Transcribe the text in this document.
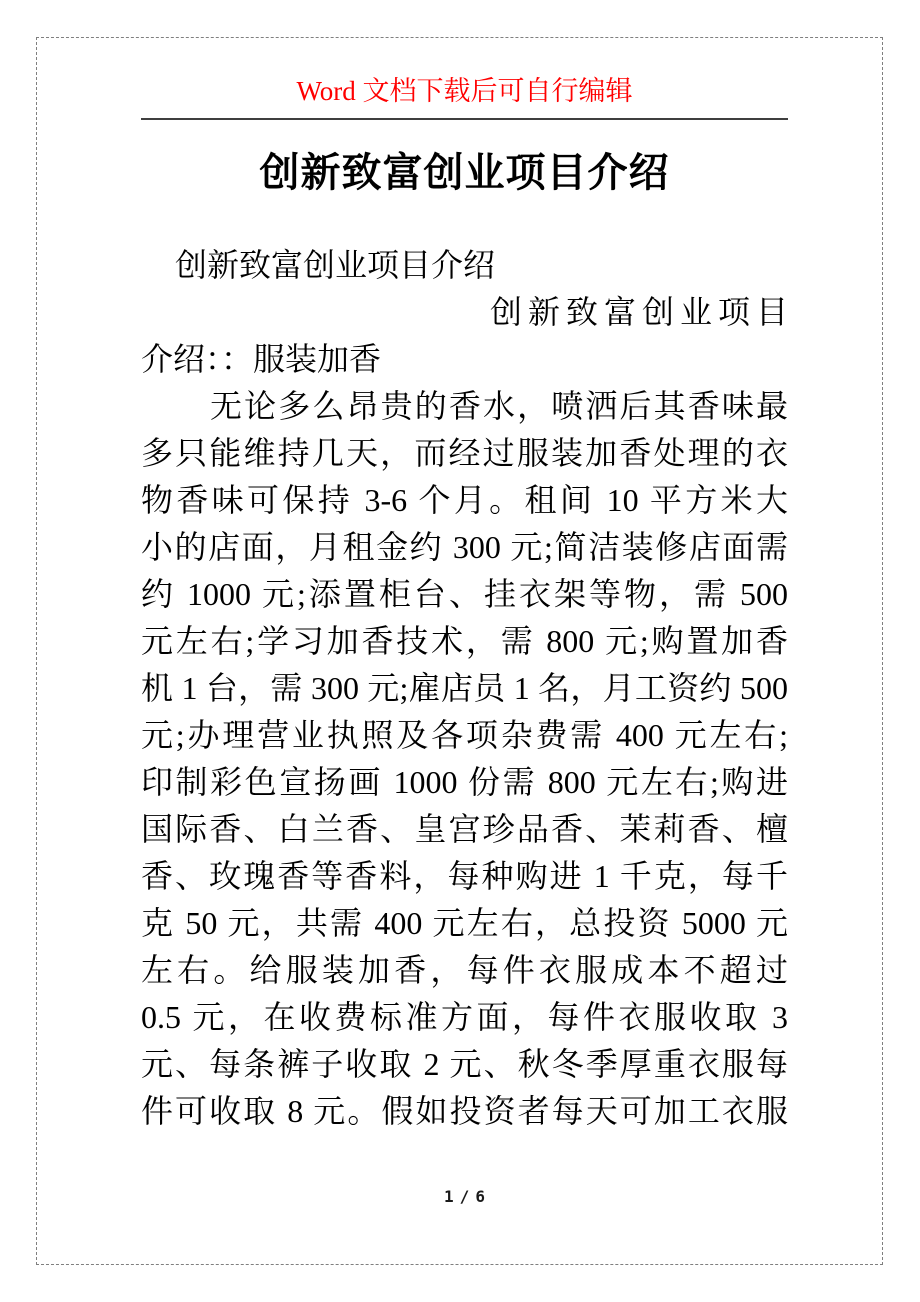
Word 文档下载后可自行编辑
创新致富创业项目介绍
创新致富创业项目介绍
创新致富创业项目
介绍：：服装加香
无论多么昂贵的香水，喷洒后其香味最
多只能维持几天，而经过服装加香处理的衣
物香味可保持 3-6 个月。租间 10 平方米大
小的店面，月租金约 300 元;简洁装修店面需
约 1000 元;添置柜台、挂衣架等物，需 500
元左右;学习加香技术，需 800 元;购置加香
机 1 台，需 300 元;雇店员 1 名，月工资约 500
元;办理营业执照及各项杂费需 400 元左右;
印制彩色宣扬画 1000 份需 800 元左右;购进
国际香、白兰香、皇宫珍品香、茉莉香、檀
香、玫瑰香等香料，每种购进 1 千克，每千
克 50 元，共需 400 元左右，总投资 5000 元
左右。给服装加香，每件衣服成本不超过
0.5 元，在收费标准方面，每件衣服收取 3
元、每条裤子收取 2 元、秋冬季厚重衣服每
件可收取 8 元。假如投资者每天可加工衣服
1 / 6
